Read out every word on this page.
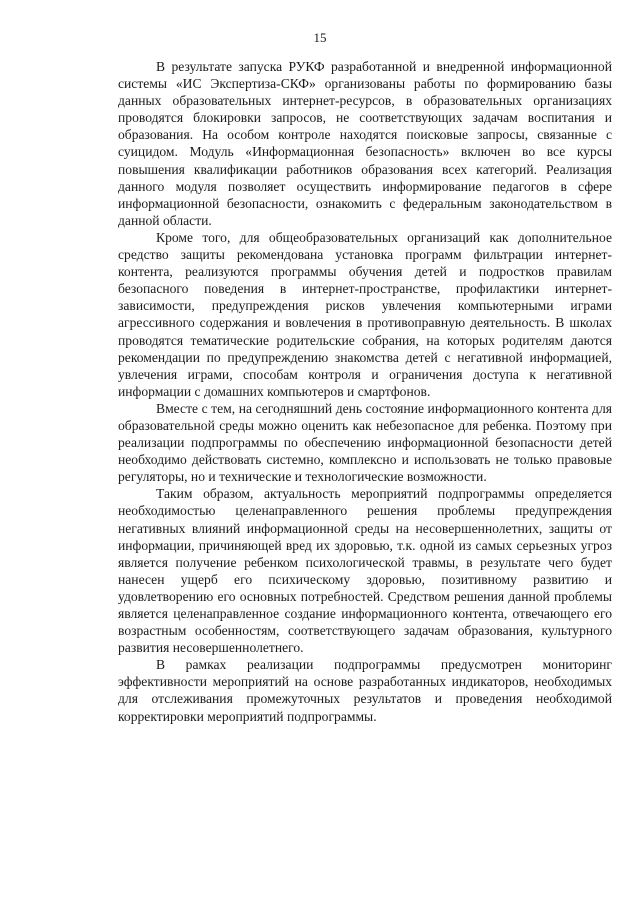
15

В результате запуска РУКФ разработанной и внедренной информационной системы «ИС Экспертиза-СКФ» организованы работы по формированию базы данных образовательных интернет-ресурсов, в образовательных организациях проводятся блокировки запросов, не соответствующих задачам воспитания и образования. На особом контроле находятся поисковые запросы, связанные с суицидом. Модуль «Информационная безопасность» включен во все курсы повышения квалификации работников образования всех категорий. Реализация данного модуля позволяет осуществить информирование педагогов в сфере информационной безопасности, ознакомить с федеральным законодательством в данной области.

Кроме того, для общеобразовательных организаций как дополнительное средство защиты рекомендована установка программ фильтрации интернет-контента, реализуются программы обучения детей и подростков правилам безопасного поведения в интернет-пространстве, профилактики интернет-зависимости, предупреждения рисков увлечения компьютерными играми агрессивного содержания и вовлечения в противоправную деятельность. В школах проводятся тематические родительские собрания, на которых родителям даются рекомендации по предупреждению знакомства детей с негативной информацией, увлечения играми, способам контроля и ограничения доступа к негативной информации с домашних компьютеров и смартфонов.

Вместе с тем, на сегодняшний день состояние информационного контента для образовательной среды можно оценить как небезопасное для ребенка. Поэтому при реализации подпрограммы по обеспечению информационной безопасности детей необходимо действовать системно, комплексно и использовать не только правовые регуляторы, но и технические и технологические возможности.

Таким образом, актуальность мероприятий подпрограммы определяется необходимостью целенаправленного решения проблемы предупреждения негативных влияний информационной среды на несовершеннолетних, защиты от информации, причиняющей вред их здоровью, т.к. одной из самых серьезных угроз является получение ребенком психологической травмы, в результате чего будет нанесен ущерб его психическому здоровью, позитивному развитию и удовлетворению его основных потребностей. Средством решения данной проблемы является целенаправленное создание информационного контента, отвечающего его возрастным особенностям, соответствующего задачам образования, культурного развития несовершеннолетнего.

В рамках реализации подпрограммы предусмотрен мониторинг эффективности мероприятий на основе разработанных индикаторов, необходимых для отслеживания промежуточных результатов и проведения необходимой корректировки мероприятий подпрограммы.
